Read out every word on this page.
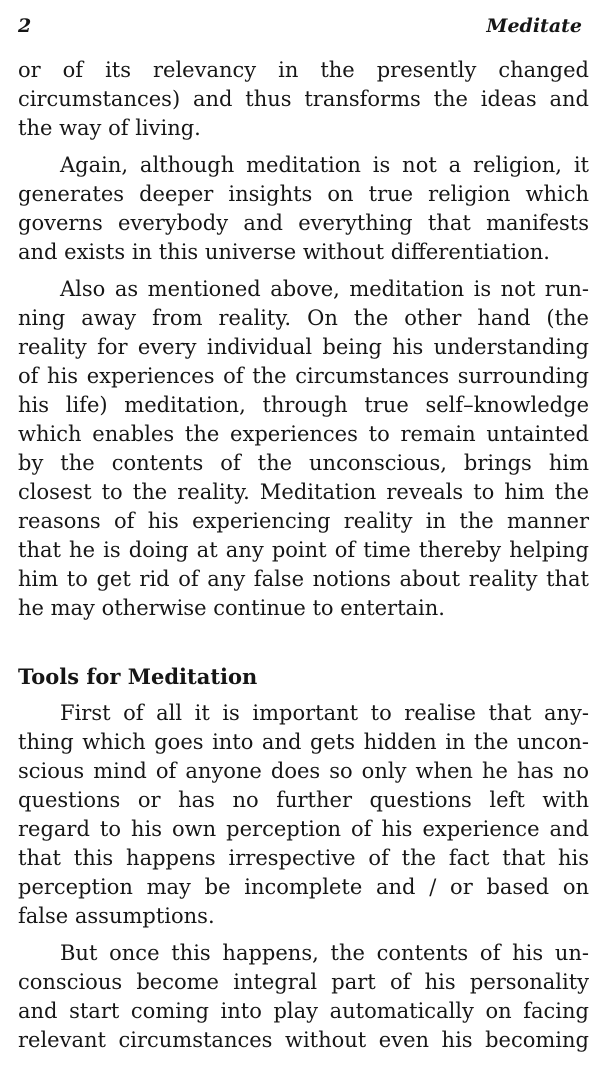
2	Meditate
or of its relevancy in the presently changed
circumstances) and thus transforms the ideas and
the way of living.
Again, although meditation is not a religion, it
generates deeper insights on true religion which
governs everybody and everything that manifests
and exists in this universe without differentiation.
Also as mentioned above, meditation is not run-
ning away from reality. On the other hand (the
reality for every individual being his understanding
of his experiences of the circumstances surrounding
his life) meditation, through true self–knowledge
which enables the experiences to remain untainted
by the contents of the unconscious, brings him
closest to the reality. Meditation reveals to him the
reasons of his experiencing reality in the manner
that he is doing at any point of time thereby helping
him to get rid of any false notions about reality that
he may otherwise continue to entertain.
Tools for Meditation
First of all it is important to realise that any-
thing which goes into and gets hidden in the uncon-
scious mind of anyone does so only when he has no
questions or has no further questions left with
regard to his own perception of his experience and
that this happens irrespective of the fact that his
perception may be incomplete and / or based on
false assumptions.
But once this happens, the contents of his un-
conscious become integral part of his personality
and start coming into play automatically on facing
relevant circumstances without even his becoming
